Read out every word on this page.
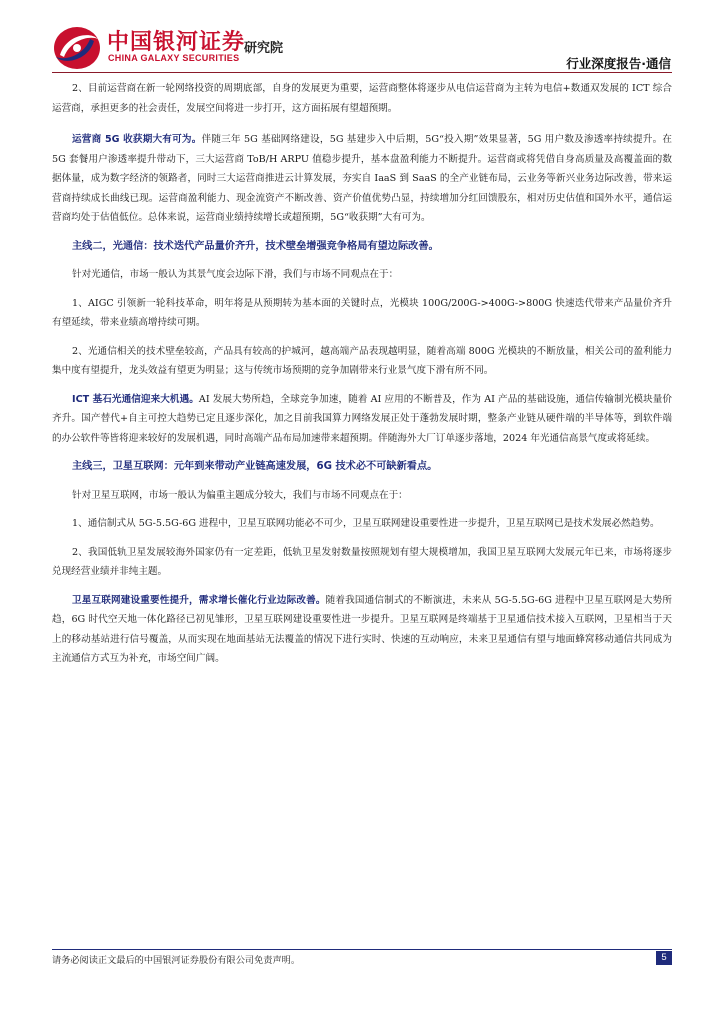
中国银河证券
CHINA GALAXY SECURITIES
研究院
行业深度报告·通信

2、目前运营商在新一轮网络投资的周期底部，自身的发展更为重要，运营商整体将逐步从电信运营商为主转为电信+数通双发展的 ICT 综合运营商，承担更多的社会责任，发展空间将进一步打开，这方面拓展有望超预期。

运营商 5G 收获期大有可为。伴随三年 5G 基础网络建设，5G 基建步入中后期，5G“投入期”效果显著，5G 用户数及渗透率持续提升。在 5G 套餐用户渗透率提升带动下，三大运营商 ToB/H ARPU 值稳步提升，基本盘盈利能力不断提升。运营商或将凭借自身高质量及高覆盖面的数据体量，成为数字经济的领路者，同时三大运营商推进云计算发展，夯实自 IaaS 到 SaaS 的全产业链布局，云业务等新兴业务边际改善，带来运营商持续成长曲线已现。运营商盈利能力、现金流资产不断改善、资产价值优势凸显，持续增加分红回馈股东，相对历史估值和国外水平，通信运营商均处于估值低位。总体来说，运营商业绩持续增长或超预期，5G“收获期”大有可为。

主线二，光通信：技术迭代产品量价齐升，技术壁垒增强竞争格局有望边际改善。

针对光通信，市场一般认为其景气度会边际下滑，我们与市场不同观点在于：

1、AIGC 引领新一轮科技革命，明年将是从预期转为基本面的关键时点，光模块 100G/200G->400G->800G 快速迭代带来产品量价齐升有望延续，带来业绩高增持续可期。

2、光通信相关的技术壁垒较高，产品具有较高的护城河，越高端产品表现越明显，随着高端 800G 光模块的不断放量，相关公司的盈利能力集中度有望提升，龙头效益有望更为明显；这与传统市场预期的竞争加剧带来行业景气度下滑有所不同。

ICT 基石光通信迎来大机遇。AI 发展大势所趋，全球竞争加速，随着 AI 应用的不断普及，作为 AI 产品的基础设施，通信传输制光模块量价齐升。国产替代+自主可控大趋势已定且逐步深化，加之目前我国算力网络发展正处于蓬勃发展时期，整条产业链从硬件端的半导体等，到软件端的办公软件等皆将迎来较好的发展机遇，同时高端产品布局加速带来超预期。伴随海外大厂订单逐步落地，2024 年光通信高景气度或将延续。

主线三，卫星互联网：元年到来带动产业链高速发展，6G 技术必不可缺新看点。

针对卫星互联网，市场一般认为偏重主题成分较大，我们与市场不同观点在于：

1、通信制式从 5G-5.5G-6G 进程中，卫星互联网功能必不可少，卫星互联网建设重要性进一步提升，卫星互联网已是技术发展必然趋势。

2、我国低轨卫星发展较海外国家仍有一定差距，低轨卫星发射数量按照规划有望大规模增加，我国卫星互联网大发展元年已来，市场将逐步兑现经营业绩并非纯主题。

卫星互联网建设重要性提升，需求增长催化行业边际改善。随着我国通信制式的不断演进，未来从 5G-5.5G-6G 进程中卫星互联网是大势所趋，6G 时代空天地一体化路径已初见雏形，卫星互联网建设重要性进一步提升。卫星互联网是终端基于卫星通信技术接入互联网，卫星相当于天上的移动基站进行信号覆盖，从而实现在地面基站无法覆盖的情况下进行实时、快速的互动响应，未来卫星通信有望与地面蜂窝移动通信共同成为主流通信方式互为补充，市场空间广阔。

请务必阅读正文最后的中国银河证券股份有限公司免责声明。	5
